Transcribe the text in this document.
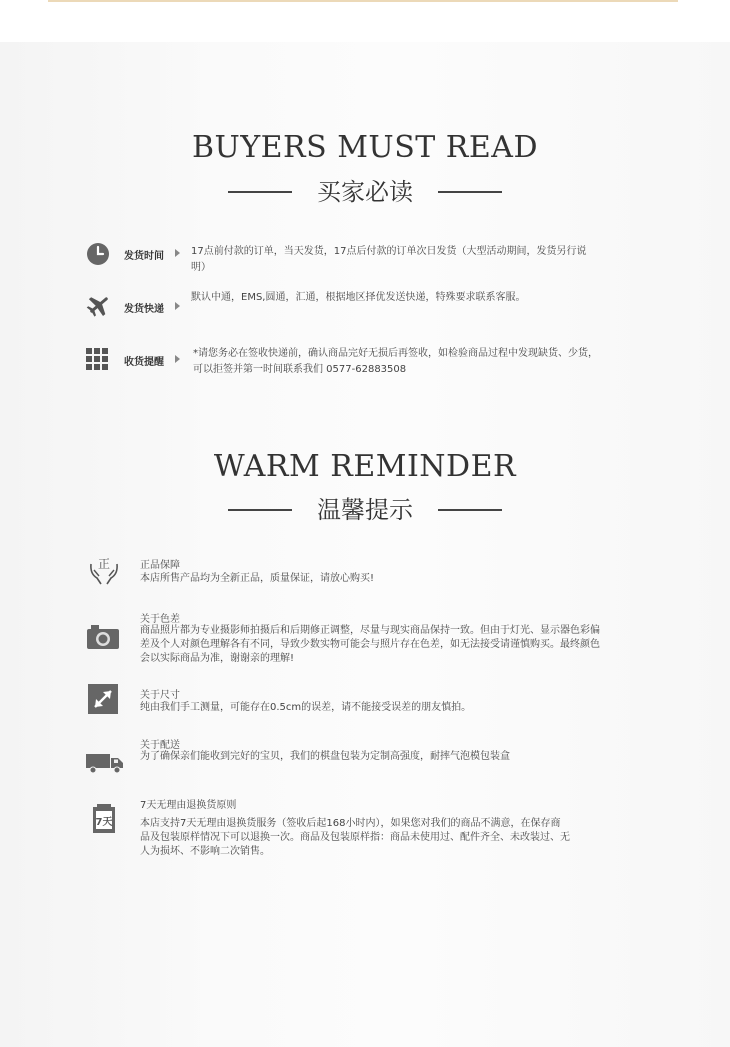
BUYERS MUST READ
买家必读
发货时间	17点前付款的订单，当天发货，17点后付款的订单次日发货（大型活动期间，发货另行说明）
发货快递
默认中通，EMS,圆通，汇通，根据地区择优发送快递，特殊要求联系客服。
收货提醒
*请您务必在签收快递前，确认商品完好无损后再签收，如检验商品过程中发现缺货、少货，可以拒签并第一时间联系我们 0577-62883508
WARM REMINDER
温馨提示
正	正品保障
本店所售产品均为全新正品，质量保证，请放心购买!
关于色差
商品照片都为专业摄影师拍摄后和后期修正调整，尽量与现实商品保持一致。但由于灯光、显示器色彩偏差及个人对颜色理解各有不同，导致少数实物可能会与照片存在色差，如无法接受请谨慎购买。最终颜色会以实际商品为准，谢谢亲的理解!
关于尺寸
纯由我们手工测量，可能存在0.5cm的误差，请不能接受误差的朋友慎拍。
关于配送
为了确保亲们能收到完好的宝贝，我们的棋盘包装为定制高强度，耐摔气泡模包装盒
7天
7天无理由退换货原则
本店支持7天无理由退换货服务（签收后起168小时内），如果您对我们的商品不满意，在保存商品及包装原样情况下可以退换一次。商品及包装原样指：商品未使用过、配件齐全、未改装过、无人为损坏、不影响二次销售。
